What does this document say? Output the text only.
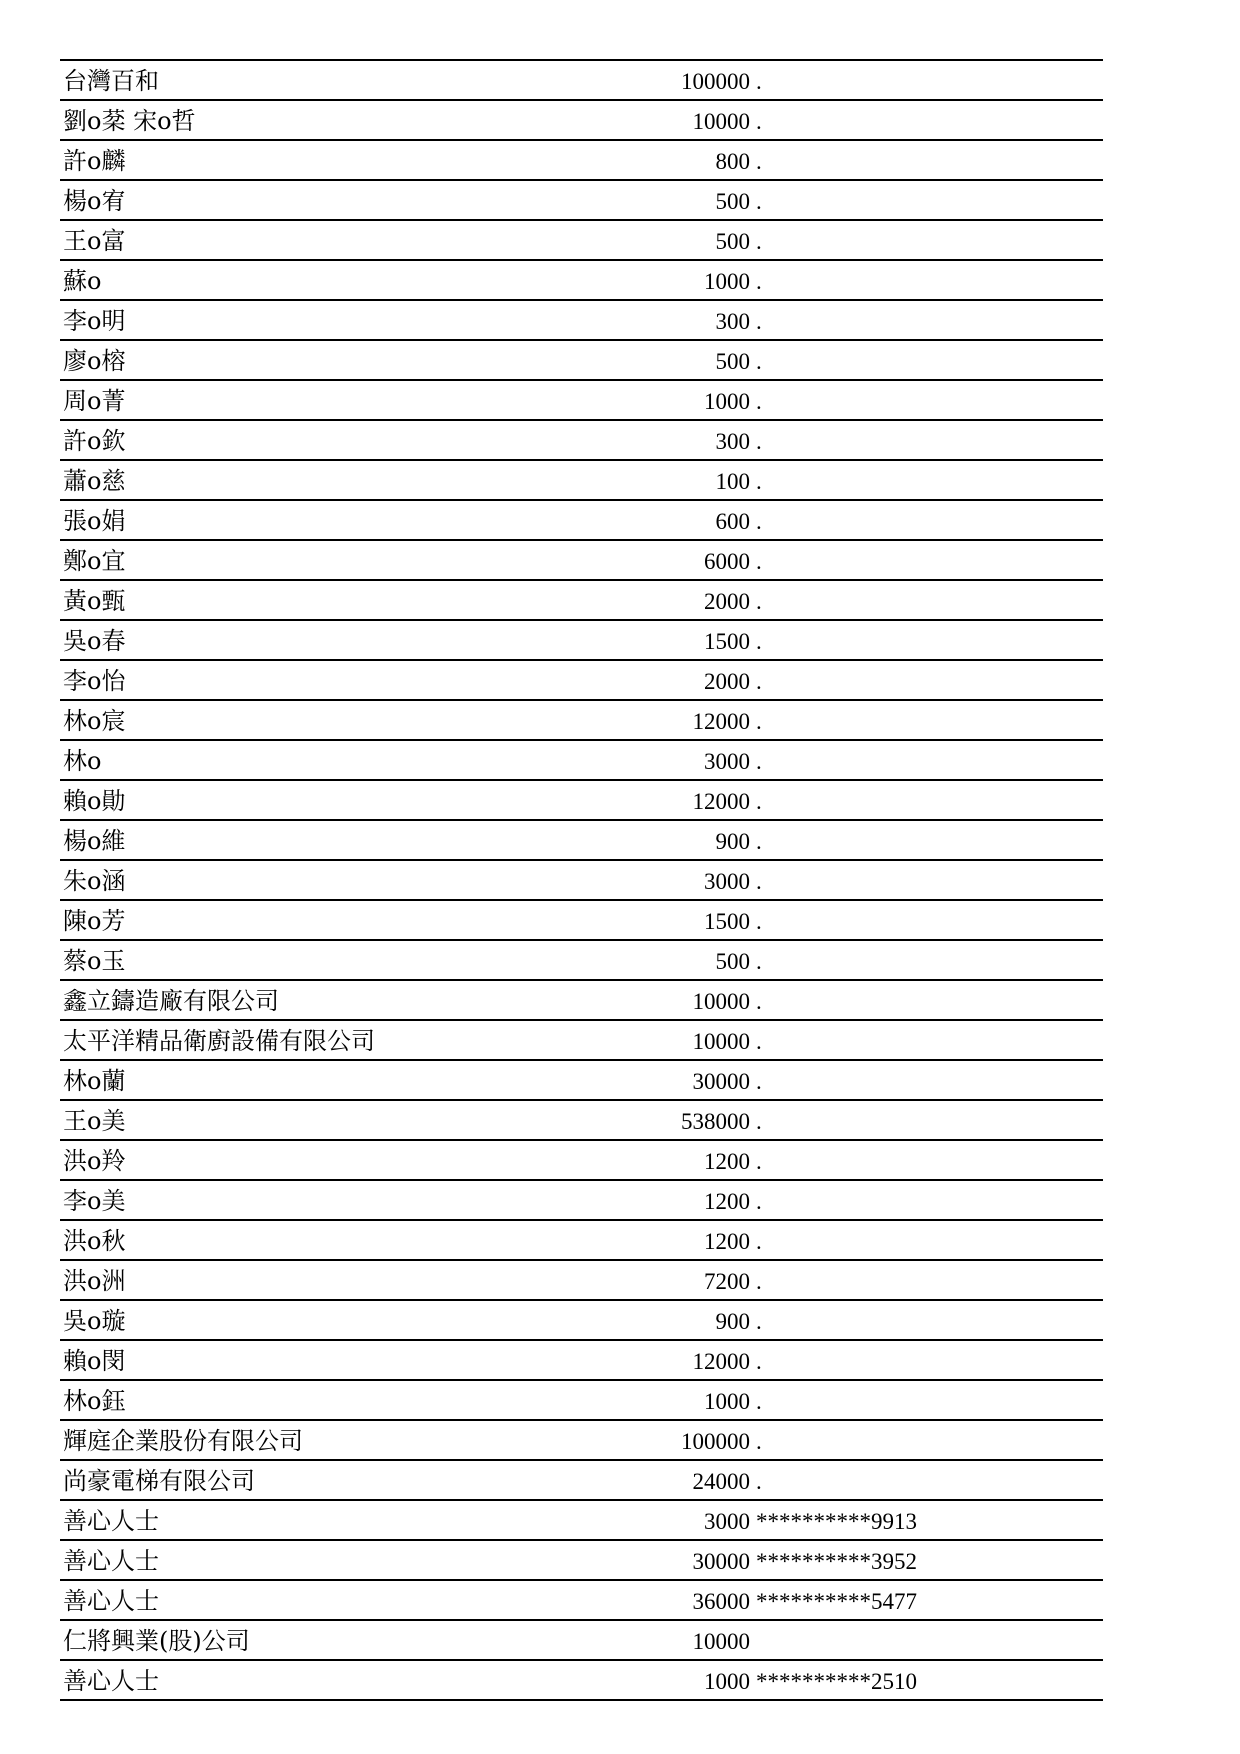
台灣百和	100000 .
劉o棻 宋o哲	10000 .
許o麟	800 .
楊o宥	500 .
王o富	500 .
蘇o	1000 .
李o明	300 .
廖o榕	500 .
周o菁	1000 .
許o欽	300 .
蕭o慈	100 .
張o娟	600 .
鄭o宜	6000 .
黃o甄	2000 .
吳o春	1500 .
李o怡	2000 .
林o宸	12000 .
林o	3000 .
賴o勛	12000 .
楊o維	900 .
朱o涵	3000 .
陳o芳	1500 .
蔡o玉	500 .
鑫立鑄造廠有限公司	10000 .
太平洋精品衛廚設備有限公司	10000 .
林o蘭	30000 .
王o美	538000 .
洪o羚	1200 .
李o美	1200 .
洪o秋	1200 .
洪o洲	7200 .
吳o璇	900 .
賴o閔	12000 .
林o鈺	1000 .
輝庭企業股份有限公司	100000 .
尚豪電梯有限公司	24000 .
善心人士	3000 **********9913
善心人士	30000 **********3952
善心人士	36000 **********5477
仁將興業(股)公司	10000
善心人士	1000 **********2510
